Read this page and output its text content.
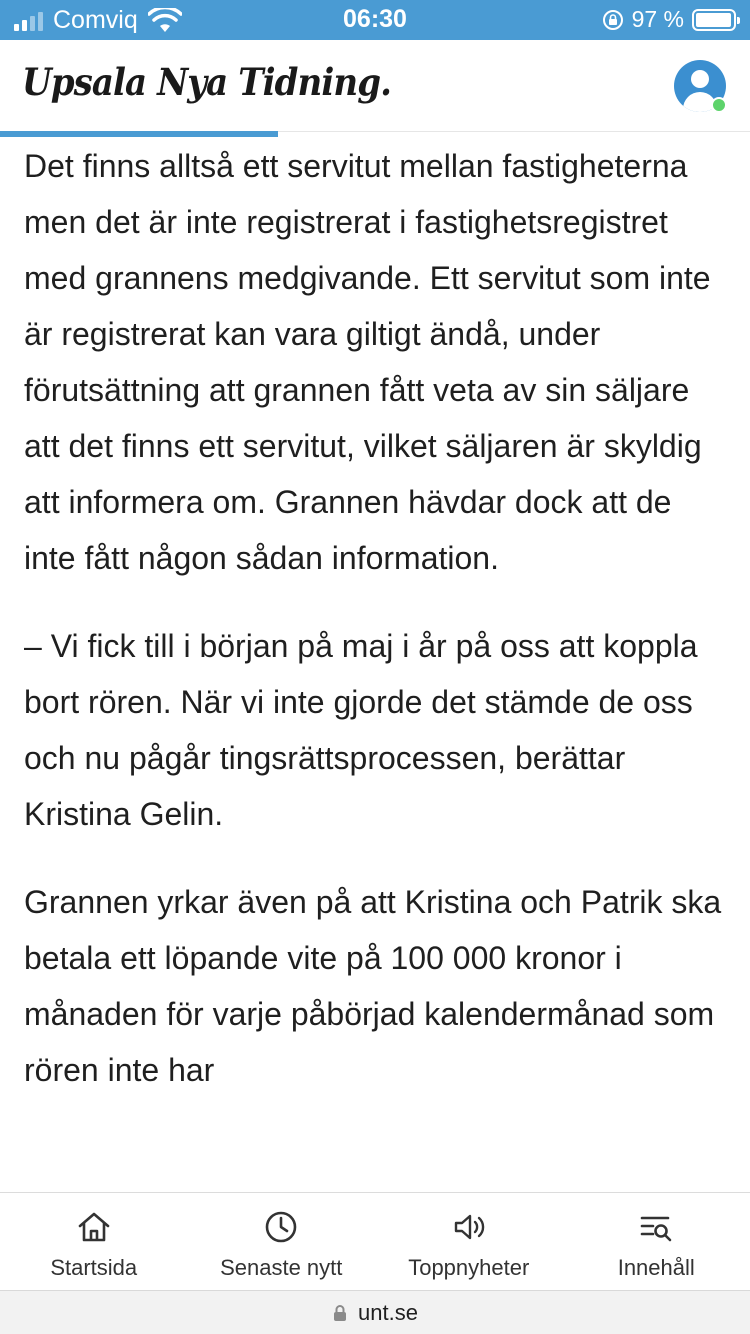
Comviq	06:30	97 %
Upsala Nya Tidning.

Det finns alltså ett servitut mellan fastigheterna men det är inte registrerat i fastighetsregistret med grannens medgivande. Ett servitut som inte är registrerat kan vara giltigt ändå, under förutsättning att grannen fått veta av sin säljare att det finns ett servitut, vilket säljaren är skyldig att informera om. Grannen hävdar dock att de inte fått någon sådan information.

– Vi fick till i början på maj i år på oss att koppla bort rören. När vi inte gjorde det stämde de oss och nu pågår tingsrättsprocessen, berättar Kristina Gelin.

Grannen yrkar även på att Kristina och Patrik ska betala ett löpande vite på 100 000 kronor i månaden för varje påbörjad kalendermånad som rören inte har

Startsida	Senaste nytt	Toppnyheter	Innehåll
unt.se
